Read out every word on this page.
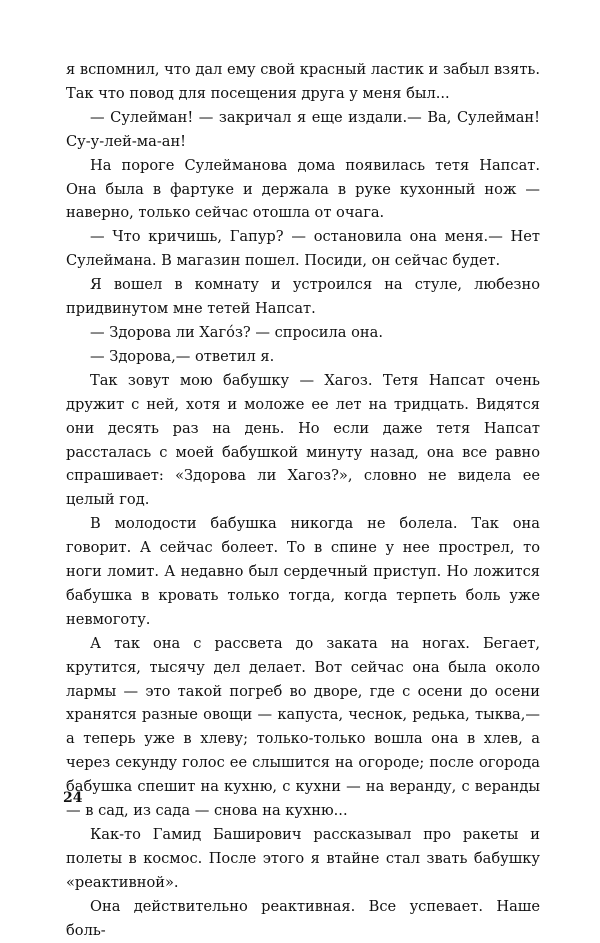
я вспомнил, что дал ему свой красный ластик и забыл взять. Так что повод для посещения друга у меня был...

— Сулейман! — закричал я еще издали.— Ва, Сулейман! Су-у-лей-ма-ан!

На пороге Сулейманова дома появилась тетя Напсат. Она была в фартуке и держала в руке кухонный нож — наверно, только сейчас отошла от очага.

— Что кричишь, Гапур? — остановила она меня.— Нет Сулеймана. В магазин пошел. Посиди, он сейчас будет.

Я вошел в комнату и устроился на стуле, любезно придвинутом мне тетей Напсат.

— Здорова ли Хагóз? — спросила она.

— Здорова,— ответил я.

Так зовут мою бабушку — Хагоз. Тетя Напсат очень дружит с ней, хотя и моложе ее лет на тридцать. Видятся они десять раз на день. Но если даже тетя Напсат рассталась с моей бабушкой минуту назад, она все равно спрашивает: «Здорова ли Хагоз?», словно не видела ее целый год.

В молодости бабушка никогда не болела. Так она говорит. А сейчас болеет. То в спине у нее прострел, то ноги ломит. А недавно был сердечный приступ. Но ложится бабушка в кровать только тогда, когда терпеть боль уже невмоготу.

А так она с рассвета до заката на ногах. Бегает, крутится, тысячу дел делает. Вот сейчас она была около лармы — это такой погреб во дворе, где с осени до осени хранятся разные овощи — капуста, чеснок, редька, тыква,— а теперь уже в хлеву; только-только вошла она в хлев, а через секунду голос ее слышится на огороде; после огорода бабушка спешит на кухню, с кухни — на веранду, с веранды — в сад, из сада — снова на кухню...

Как-то Гамид Баширович рассказывал про ракеты и полеты в космос. После этого я втайне стал звать бабушку «реактивной».

Она действительно реактивная. Все успевает. Наше боль-

24
